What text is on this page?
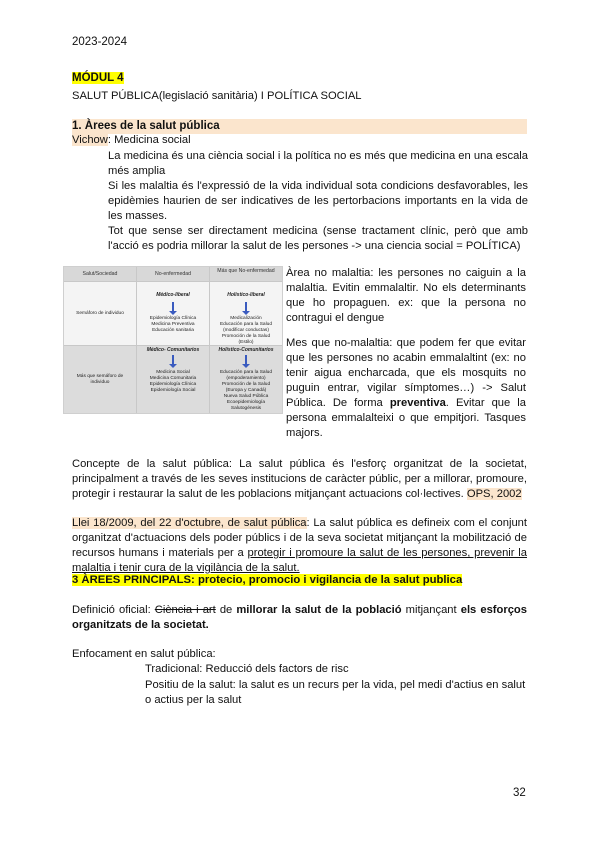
2023-2024
MÓDUL 4
SALUT PÚBLICA(legislació sanitària) I POLÍTICA SOCIAL
1. Àrees de la salut pública
Vichow: Medicina social
La medicina és una ciència social i la política no es més que medicina en una escala més amplia
Si les malaltia és l'expressió de la vida individual sota condicions desfavorables, les epidèmies haurien de ser indicatives de les pertorbacions importants en la vida de les masses.
Tot que sense ser directament medicina (sense tractament clínic, però que amb l'acció es podria millorar la salut de les persones -> una ciencia social = POLÍTICA)
Salut/Sociedad	No-enfermedad	Más que No-enfermedad
Semáforo de individuo
Médico-liberal
Epidemiología Clínica
Medicina Preventiva
Educación sanitaria
Holístico-liberal
Medicalización
Educación para la Salud
(modificar conductas)
Promoción de la Salud
(Estilo)
Más que semáforo de individuo
Médico- Comunitarios
Medicina Social
Medicina Comunitaria
Epidemiología Clínica
Epidemiología Social
Holístico-Comunitarios
Educación para la Salud
(empoderamiento)
Promoción de la Salud
(Europa y Canadá)
Nueva Salud Pública
Ecoepidemiología
Salutogénesis
Àrea no malaltia: les persones no caiguin a la malaltia. Evitin emmalaltir. No els determinants que ho propaguen. ex: que la persona no contragui el dengue
Mes que no-malaltia: que podem fer que evitar que les persones no acabin emmalaltint (ex: no tenir aigua encharcada, que els mosquits no puguin entrar, vigilar símptomes…) -> Salut Pública. De forma preventiva. Evitar que la persona emmalalteixi o que empitjori. Tasques majors.
Concepte de la salut pública: La salut pública és l'esforç organitzat de la societat, principalment a través de les seves institucions de caràcter públic, per a millorar, promoure, protegir i restaurar la salut de les poblacions mitjançant actuacions col·lectives. OPS, 2002
Llei 18/2009, del 22 d'octubre, de salut pública: La salut pública es defineix com el conjunt organitzat d'actuacions dels poder públics i de la seva societat mitjançant la mobilització de recursos humans i materials per a protegir i promoure la salut de les persones, prevenir la malaltia i tenir cura de la vigilància de la salut.
3 ÀREES PRINCIPALS: protecio, promocio i vigilancia de la salut publica
Definició oficial: Ciència i art de millorar la salut de la població mitjançant els esforços organitzats de la societat.
Enfocament en salut pública:
Tradicional: Reducció dels factors de risc
Positiu de la salut: la salut es un recurs per la vida, pel medi d'actius en salut o actius per la salut
32
